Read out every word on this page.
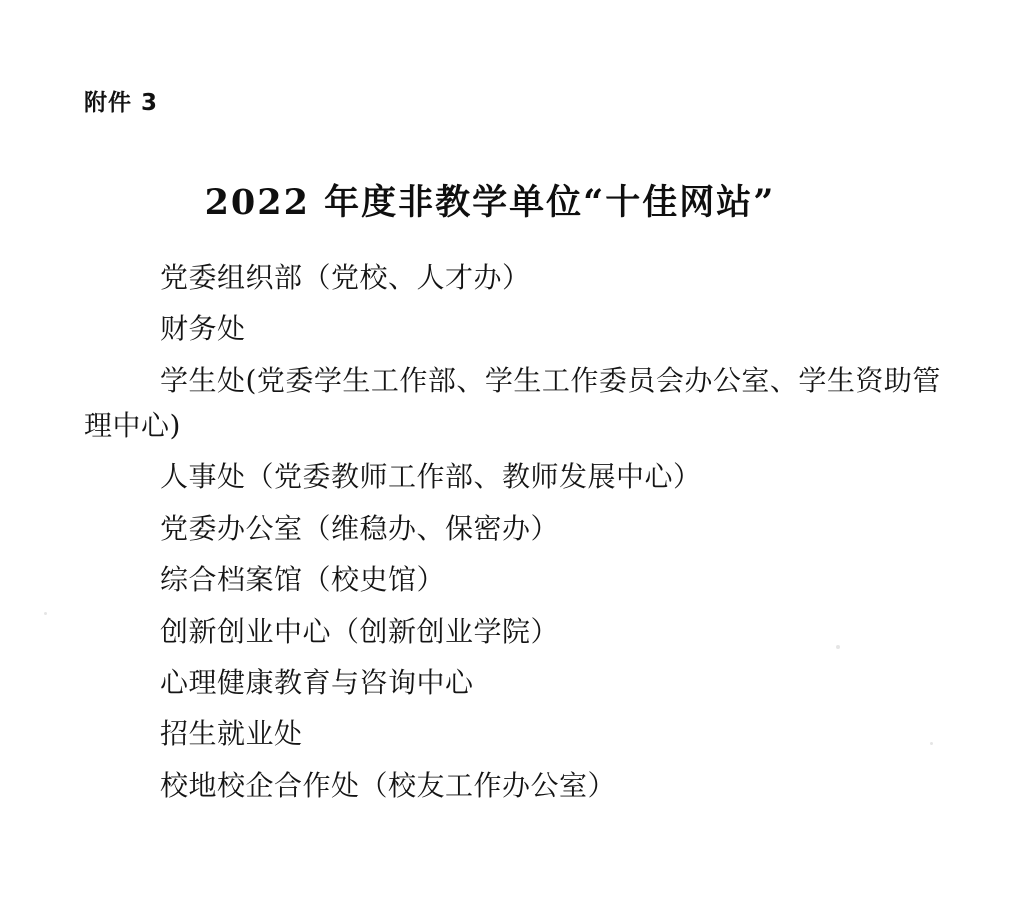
附件 3
2022 年度非教学单位“十佳网站”
党委组织部（党校、人才办）
财务处
学生处(党委学生工作部、学生工作委员会办公室、学生资助管理中心)
人事处（党委教师工作部、教师发展中心）
党委办公室（维稳办、保密办）
综合档案馆（校史馆）
创新创业中心（创新创业学院）
心理健康教育与咨询中心
招生就业处
校地校企合作处（校友工作办公室）
